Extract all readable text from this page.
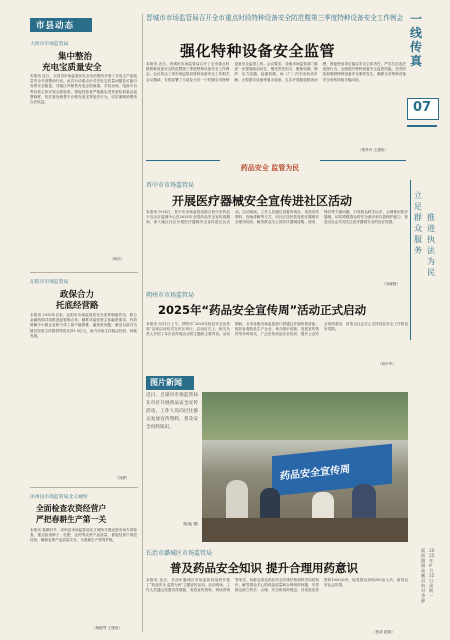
市县动态
大同市市场监管局
集中整治
充电宝质量安全
本报讯 近日，大同市市场监管局在全市范围内开展了充电宝产品质量安全专项整治行动。此次行动重点针对充电宝质量问题及可能引发的安全隐患，对辖区内销售充电宝的商超、手机卖场、电商平台等经营主体开展全面检查，督促经营者严格落实进货查验和索证索票制度，依法查处销售不合格充电宝等违法行为，切实保障消费者合法权益。
（阿庆）
沁阳市市场监管局
政保合力
托底经营路
本报讯 2025年以来，沁阳市市场监管局充分发挥职能作用，联合金融机构共同推进政银保合作，精准对接经营主体融资需求，有效缓解中小微企业和个体工商户融资难、融资贵问题，截至目前共为辖区经营主体提供贷款支持1.5亿元，助力市场主体稳定经营、持续发展。
（刘勇）
泽州县市场监管局北义城所
全面检查农资经营户
严把春耕生产第一关
本报讯 春耕时节，泽州县市场监管局北义城所开展农资市场专项检查，重点检查种子、化肥、农药等农资产品质量，督促经营户规范经营，确保农资产品质量安全，为春耕生产保驾护航。
（杨艳琴 王建伟）
晋城市市场监管局召开全市重点时段特种设备安全防范暨第三季度特种设备安全工作例会
强化特种设备安全监管
本报讯 近日，晋城市市场监管局召开了全市重点时段特种设备安全防范暨第三季度特种设备安全工作例会，会议传达了省市场监管局特种设备安全工作相关会议精神，安排部署了当前及今后一个时期全市特种设备安全监管工作。会议要求，各级市场监管部门要进一步提高政治站位，强化责任担当，聚焦电梯、锅炉、压力容器、起重机械、场（厂）内专用机动车辆、大型游乐设施等重点设备，扎实开展隐患排查治理，督促使用单位落实安全主体责任，严厉打击违法违规行为，全面提升特种设备安全监管效能，坚决防范和遏制特种设备安全事故发生，确保全市特种设备安全形势持续平稳向好。
（贾丹丹 王建伟）
一线传真
07
药品安全 监管为民
晋中市市场监管局
开展医疗器械安全宣传进社区活动
本报讯 9月4日，晋中市市场监管局联合晋中市药品不良反应监测中心在2025年全国药品安全宣传周期间，深入辖区社区开展医疗器械安全宣传进社区活动。活动现场，工作人员通过设置咨询台、发放宣传资料、现场讲解等方式，向社区居民普及医疗器械安全使用知识，解答群众关心的医疗器械选购、使用、保存等方面问题，引导群众科学认识、合理使用医疗器械，切实增强群众的安全意识和自我保护能力，营造全社会共同关注医疗器械安全的良好氛围。
（吴晓强）
朔州市市场监管局
2025年“药品安全宣传周”活动正式启动
本报讯 9月1日上午，朔州市“2025年药品安全宣传周”活动启动仪式在市区举行。启动仪式上，相关负责人介绍了本次宣传周活动的主题和主要内容。活动期间，全市各级市场监管部门将通过开展科普讲座、组织参观药品生产企业、举办知识竞赛、发放宣传资料等多种形式，广泛宣传药品安全知识，提升公众安全用药意识，营造全社会关心支持药品安全工作的良好氛围。
（高中华）
图片新闻
近日，吕梁市市场监管局在市区开展药品安全宣传活动，工作人员向过往群众发放宣传资料，普及安全用药知识。
张晶 摄
药品安全宣传周
长治市潞城区市场监管局
普及药品安全知识 提升合理用药意识
本报讯 近日，长治市潞城区市场监管局组织开展了“药品安全 监管为民”主题宣传活动。活动现场，工作人员通过设置宣传展板、发放宣传资料、现场咨询等形式，向群众普及药品安全法律法规和科学用药知识，解答群众关心的药品质量和合理用药问题，引导群众树立科学、合理、安全的用药理念，共发放宣传资料1000余份，接受群众咨询200余人次，取得良好社会效果。
（张泽 赵晓）
立足群众服务
推进执法为民
版面编辑 高鹏羽 校对 李静
2025年9月15日 星期一
